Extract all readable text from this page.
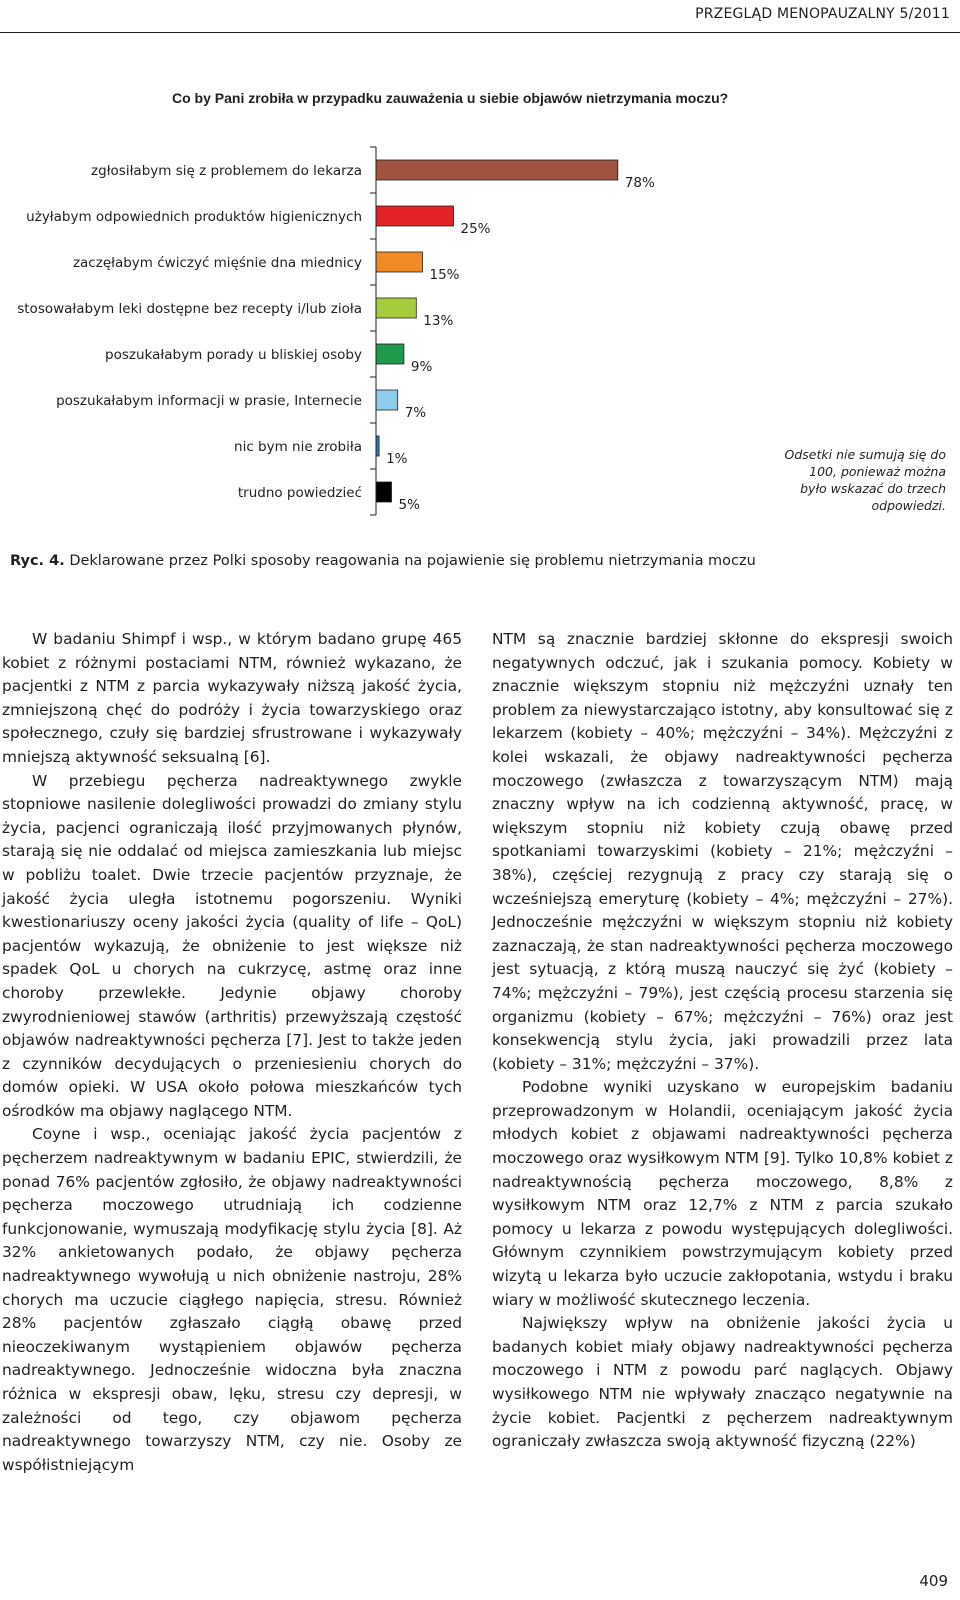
PRZEGLĄD MENOPAUZALNY 5/2011
Co by Pani zrobiła w przypadku zauważenia u siebie objawów nietrzymania moczu?
zgłosiłabym się z problemem do lekarza
użyłabym odpowiednich produktów higienicznych
zaczęłabym ćwiczyć mięśnie dna miednicy
stosowałabym leki dostępne bez recepty i/lub zioła
poszukałabym porady u bliskiej osoby
poszukałabym informacji w prasie, Internecie
nic bym nie zrobiła
trudno powiedzieć
78%
25%
15%
13%
9%
7%
1%
5%
Odsetki nie sumują się do 100, ponieważ można było wskazać do trzech odpowiedzi.
Ryc. 4. Deklarowane przez Polki sposoby reagowania na pojawienie się problemu nietrzymania moczu

W badaniu Shimpf i wsp., w którym badano grupę 465 kobiet z różnymi postaciami NTM, również wykazano, że pacjentki z NTM z parcia wykazywały niższą jakość życia, zmniejszoną chęć do podróży i życia towarzyskiego oraz społecznego, czuły się bardziej sfrustrowane i wykazywały mniejszą aktywność seksualną [6].

W przebiegu pęcherza nadreaktywnego zwykle stopniowe nasilenie dolegliwości prowadzi do zmiany stylu życia, pacjenci ograniczają ilość przyjmowanych płynów, starają się nie oddalać od miejsca zamieszkania lub miejsc w pobliżu toalet. Dwie trzecie pacjentów przyznaje, że jakość życia uległa istotnemu pogorszeniu. Wyniki kwestionariuszy oceny jakości życia (quality of life – QoL) pacjentów wykazują, że obniżenie to jest większe niż spadek QoL u chorych na cukrzycę, astmę oraz inne choroby przewlekłe. Jedynie objawy choroby zwyrodnieniowej stawów (arthritis) przewyższają częstość objawów nadreaktywności pęcherza [7]. Jest to także jeden z czynników decydujących o przeniesieniu chorych do domów opieki. W USA około połowa mieszkańców tych ośrodków ma objawy naglącego NTM.

Coyne i wsp., oceniając jakość życia pacjentów z pęcherzem nadreaktywnym w badaniu EPIC, stwierdzili, że ponad 76% pacjentów zgłosiło, że objawy nadreaktywności pęcherza moczowego utrudniają ich codzienne funkcjonowanie, wymuszają modyfikację stylu życia [8]. Aż 32% ankietowanych podało, że objawy pęcherza nadreaktywnego wywołują u nich obniżenie nastroju, 28% chorych ma uczucie ciągłego napięcia, stresu. Również 28% pacjentów zgłaszało ciągłą obawę przed nieoczekiwanym wystąpieniem objawów pęcherza nadreaktywnego. Jednocześnie widoczna była znaczna różnica w ekspresji obaw, lęku, stresu czy depresji, w zależności od tego, czy objawom pęcherza nadreaktywnego towarzyszy NTM, czy nie. Osoby ze współistniejącym

NTM są znacznie bardziej skłonne do ekspresji swoich negatywnych odczuć, jak i szukania pomocy. Kobiety w znacznie większym stopniu niż mężczyźni uznały ten problem za niewystarczająco istotny, aby konsultować się z lekarzem (kobiety – 40%; mężczyźni – 34%). Mężczyźni z kolei wskazali, że objawy nadreaktywności pęcherza moczowego (zwłaszcza z towarzyszącym NTM) mają znaczny wpływ na ich codzienną aktywność, pracę, w większym stopniu niż kobiety czują obawę przed spotkaniami towarzyskimi (kobiety – 21%; mężczyźni – 38%), częściej rezygnują z pracy czy starają się o wcześniejszą emeryturę (kobiety – 4%; mężczyźni – 27%). Jednocześnie mężczyźni w większym stopniu niż kobiety zaznaczają, że stan nadreaktywności pęcherza moczowego jest sytuacją, z którą muszą nauczyć się żyć (kobiety – 74%; mężczyźni – 79%), jest częścią procesu starzenia się organizmu (kobiety – 67%; mężczyźni – 76%) oraz jest konsekwencją stylu życia, jaki prowadzili przez lata (kobiety – 31%; mężczyźni – 37%).

Podobne wyniki uzyskano w europejskim badaniu przeprowadzonym w Holandii, oceniającym jakość życia młodych kobiet z objawami nadreaktywności pęcherza moczowego oraz wysiłkowym NTM [9]. Tylko 10,8% kobiet z nadreaktywnością pęcherza moczowego, 8,8% z wysiłkowym NTM oraz 12,7% z NTM z parcia szukało pomocy u lekarza z powodu występujących dolegliwości. Głównym czynnikiem powstrzymującym kobiety przed wizytą u lekarza było uczucie zakłopotania, wstydu i braku wiary w możliwość skutecznego leczenia.

Największy wpływ na obniżenie jakości życia u badanych kobiet miały objawy nadreaktywności pęcherza moczowego i NTM z powodu parć naglących. Objawy wysiłkowego NTM nie wpływały znacząco negatywnie na życie kobiet. Pacjentki z pęcherzem nadreaktywnym ograniczały zwłaszcza swoją aktywność fizyczną (22%)

409
